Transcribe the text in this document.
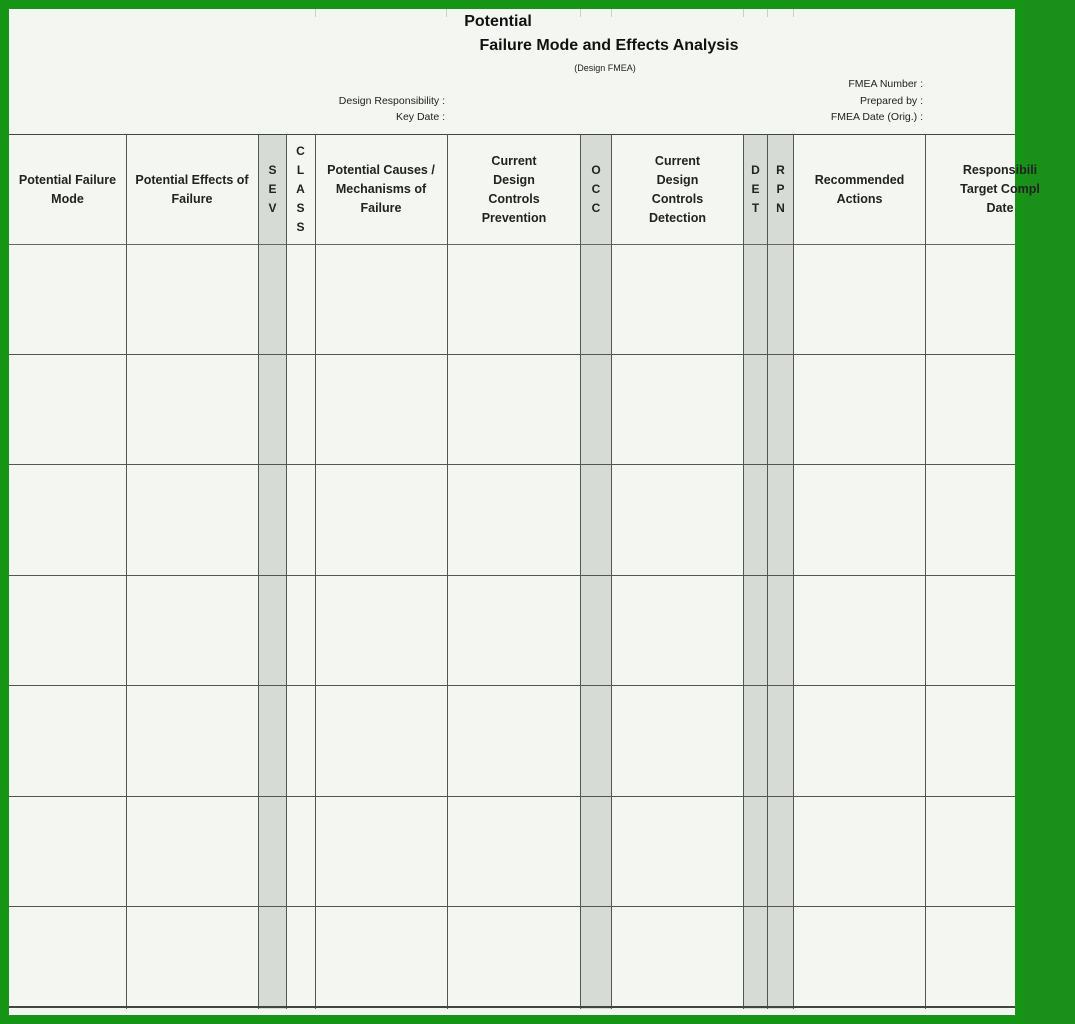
Potential
Failure Mode and Effects Analysis
(Design FMEA)
Design Responsibility :
Key Date :
FMEA Number :
Prepared by :
FMEA Date (Orig.) :
Potential Failure Mode
Potential Effects of Failure
S E V
C L A S S
Potential Causes / Mechanisms of Failure
Current Design Controls Prevention
O C C
Current Design Controls Detection
D E T
R P N
Recommended Actions
Responsibili Target Compl Date
